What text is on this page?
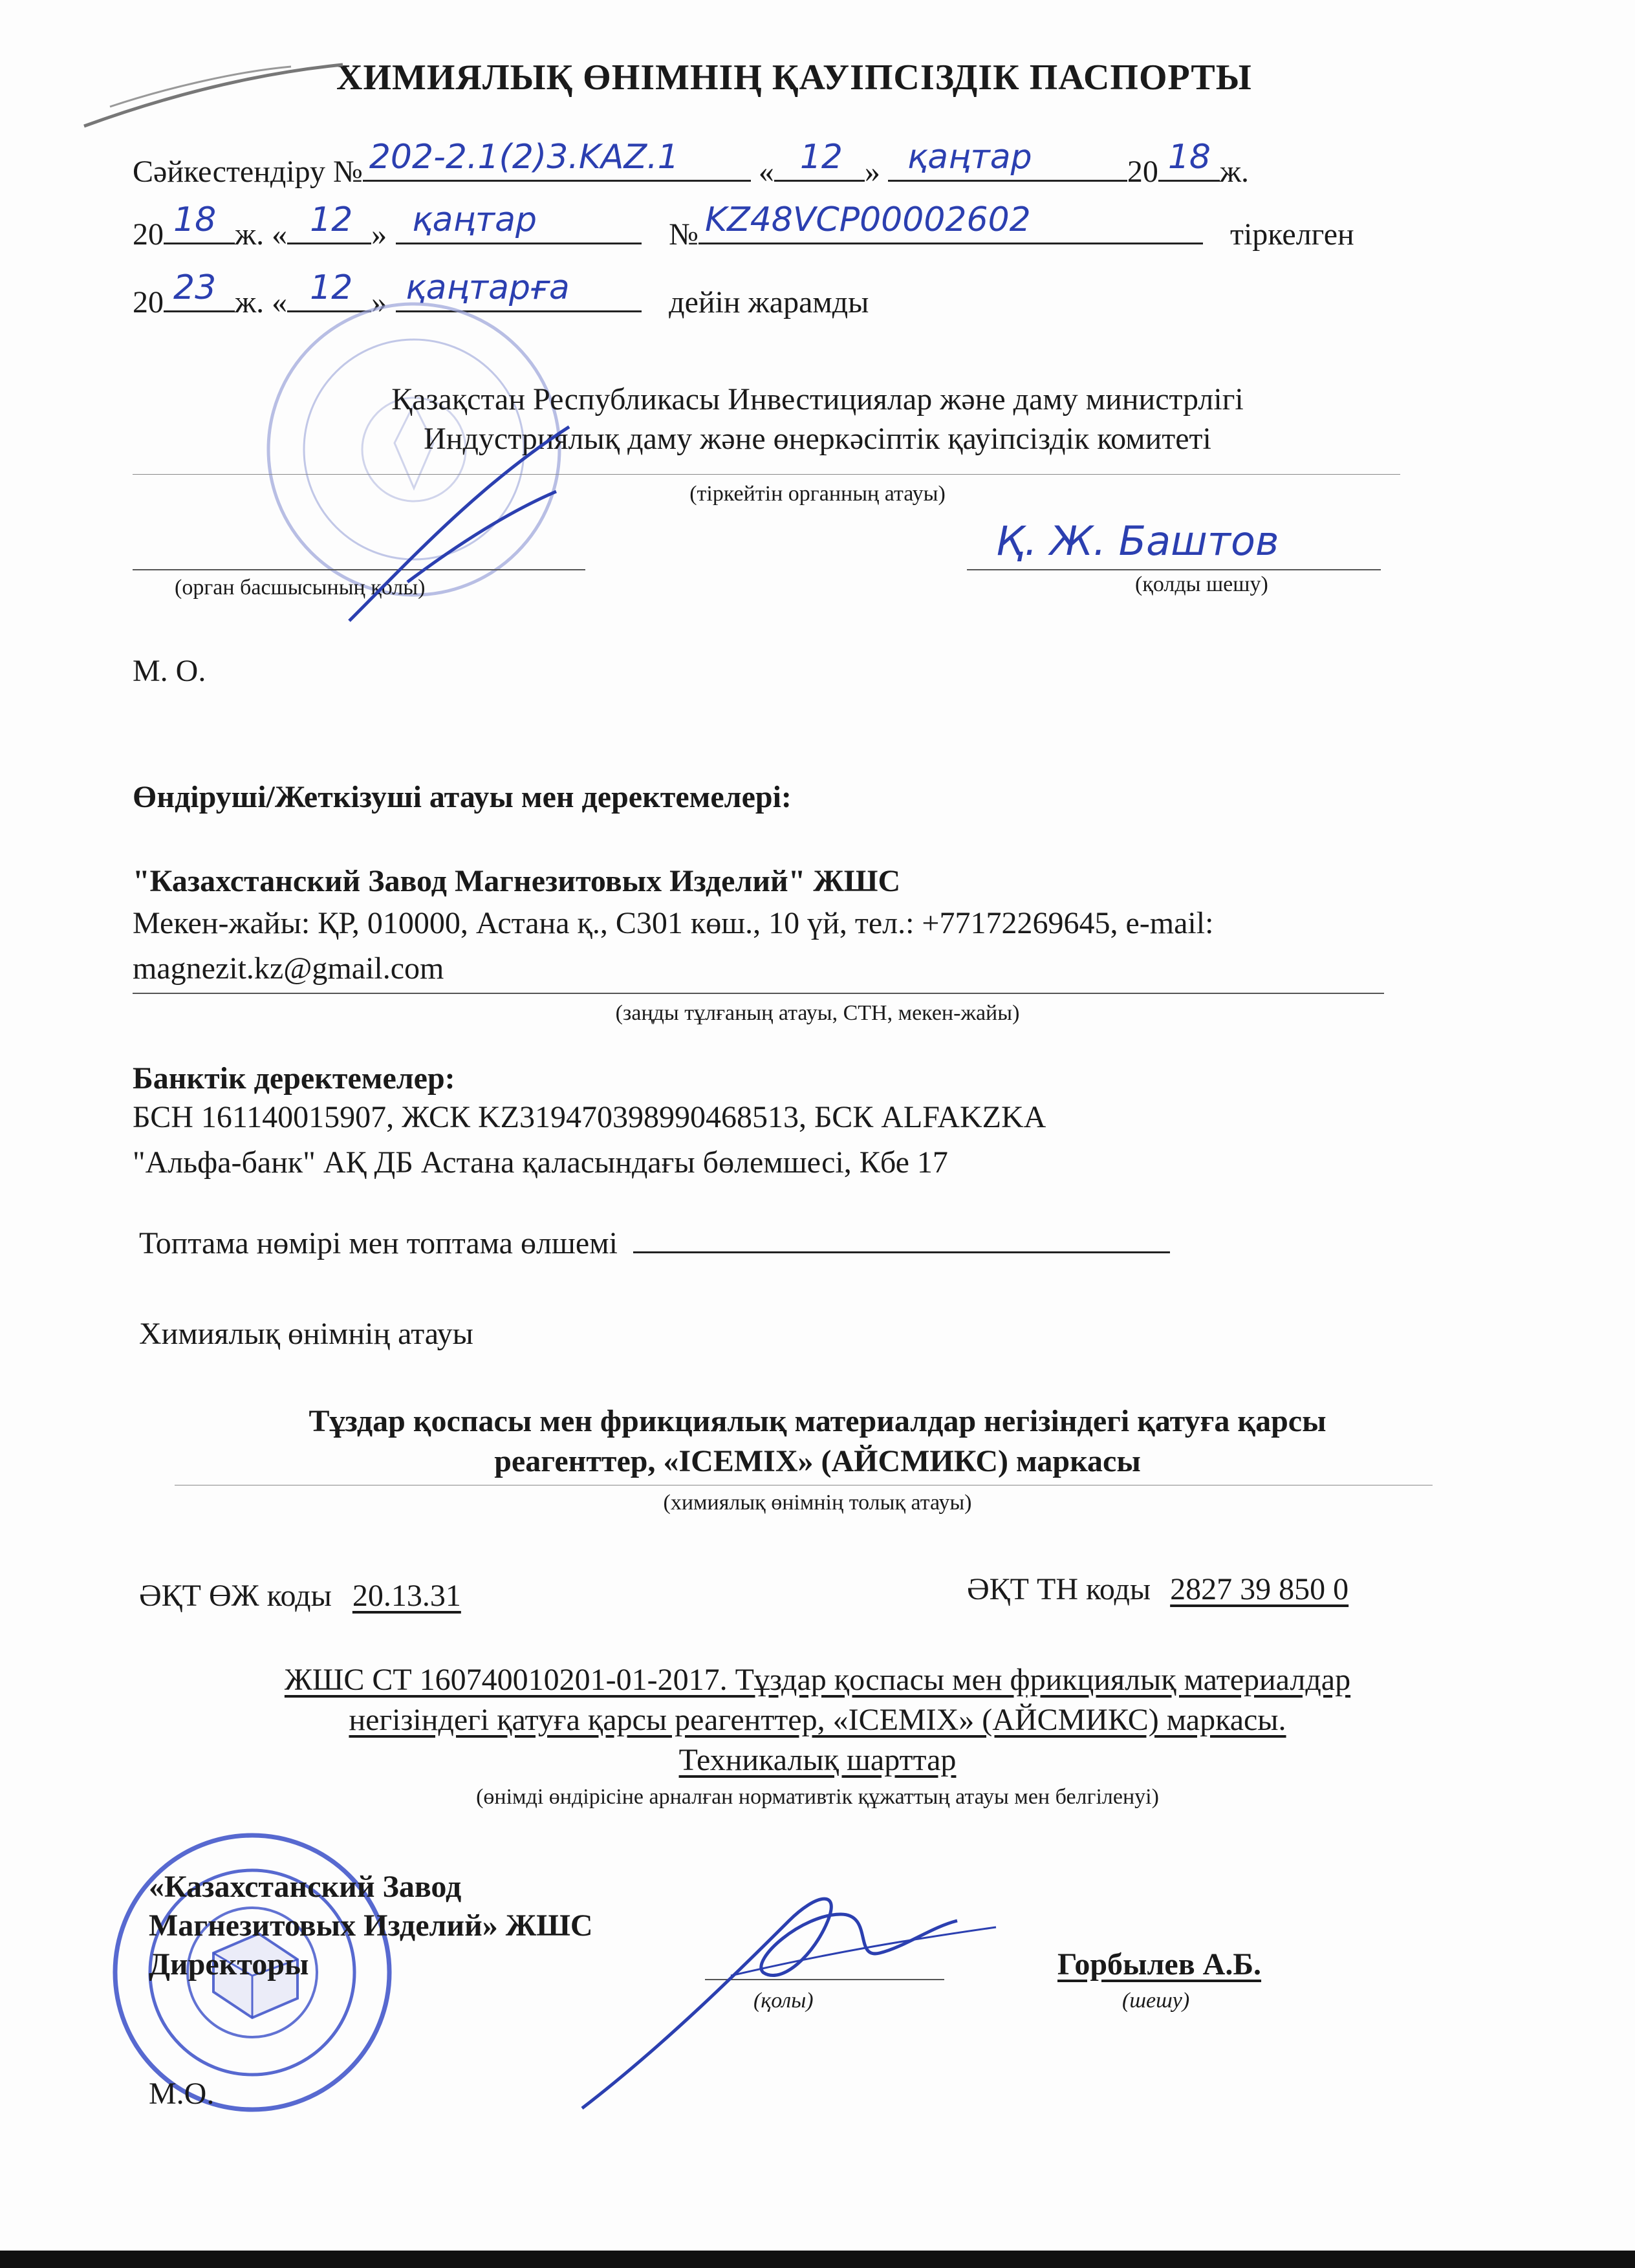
ХИМИЯЛЫҚ ӨНІМНІҢ ҚАУІПСІЗДІК ПАСПОРТЫ
Сәйкестендіру № 202-2.1(2)3.KAZ.1	« 12 » қаңтар	20 18 ж.
20 18 ж. « 12 » қаңтар	№ KZ48VCP00002602	тіркелген
20 23 ж. « 12 » қаңтарға	дейін жарамды
Қазақстан Республикасы Инвестициялар және даму министрлігі
Индустриялық даму және өнеркәсіптік қауіпсіздік комитеті
(тіркейтін органның атауы)
(орган басшысының қолы)
Қ. Ж. Баштов
(қолды шешу)
М. О.
Өндіруші/Жеткізуші атауы мен деректемелері:
"Казахстанский Завод Магнезитовых Изделий" ЖШС
Мекен-жайы: ҚР, 010000, Астана қ., С301 көш., 10 үй, тел.: +77172269645, e-mail:
magnezit.kz@gmail.com
(заңды тұлғаның атауы, СТН, мекен-жайы)
Банктік деректемелер:
БСН 161140015907, ЖСК KZ319470398990468513, БСК ALFAKZKA
"Альфа-банк" АҚ ДБ Астана қаласындағы бөлемшесі, Кбе 17
Топтама нөмірі мен топтама өлшемі
Химиялық өнімнің атауы
Тұздар қоспасы мен фрикциялық материалдар негізіндегі қатуға қарсы
реагенттер, «ICEMIX» (АЙСМИКС) маркасы
(химиялық өнімнің толық атауы)
ӘҚТ ӨЖ коды 20.13.31	ӘҚТ ТН коды 2827 39 850 0
ЖШС СТ 160740010201-01-2017. Тұздар қоспасы мен фрикциялық материалдар
негізіндегі қатуға қарсы реагенттер, «ICEMIX» (АЙСМИКС) маркасы.
Техникалық шарттар
(өнімді өндірісіне арналған нормативтік құжаттың атауы мен белгіленуі)
«Казахстанский Завод
Магнезитовых Изделий» ЖШС
Директоры
(қолы)
Горбылев А.Б.
(шешу)
М.О.
